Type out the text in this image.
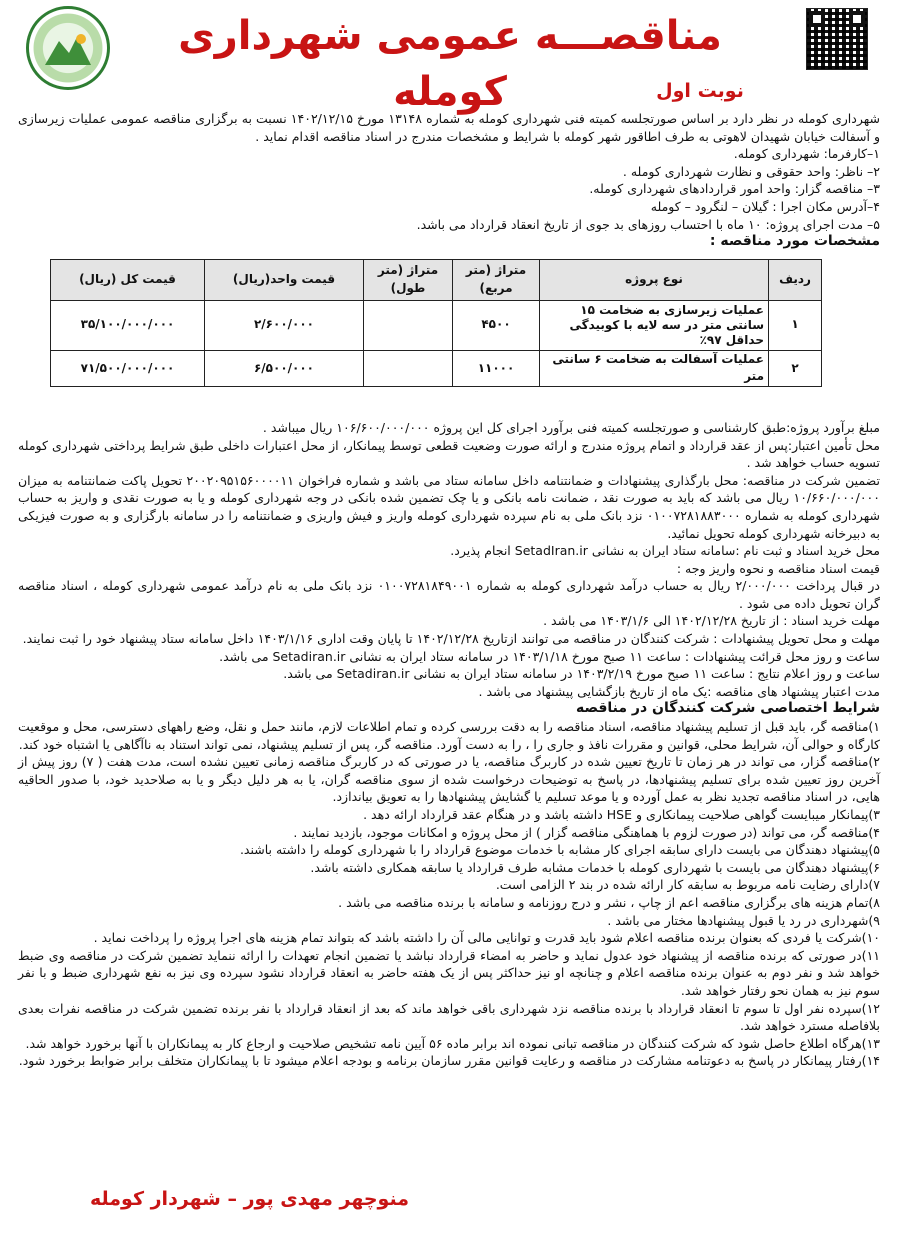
مناقصـــه عمومی شهرداری کومله	نوبت اول

شهرداری کومله در نظر دارد بر اساس صورتجلسه کمیته فنی شهرداری کومله به شماره ۱۳۱۴۸ مورخ ۱۴۰۲/۱۲/۱۵ نسبت به برگزاری مناقصه عمومی عملیات زیرسازی و آسفالت خیابان شهیدان لاهوتی به طرف اطاقور شهر کومله با شرایط و مشخصات مندرج در اسناد مناقصه اقدام نماید .

۱–کارفرما: شهرداری کومله.

۲– ناظر: واحد حقوقی و نظارت شهرداری کومله .

۳– مناقصه گزار: واحد امور قراردادهای شهرداری کومله.

۴–آدرس مکان اجرا : گیلان – لنگرود – کومله

۵– مدت اجرای پروژه: ۱۰ ماه با احتساب روزهای بد جوی از تاریخ انعقاد قرارداد می باشد.

مشخصات مورد مناقصه :

ردیف	نوع پروژه	متراژ (متر مربع)	متراژ (متر طول)	قیمت واحد(ریال)	قیمت کل (ریال)
۱	عملیات زیرسازی به ضخامت ۱۵ سانتی متر در سه لایه با کوبیدگی حداقل ۹۷٪	۴۵۰۰		۲/۶۰۰/۰۰۰	۳۵/۱۰۰/۰۰۰/۰۰۰
۲	عملیات آسفالت به ضخامت ۶ سانتی متر	۱۱۰۰۰		۶/۵۰۰/۰۰۰	۷۱/۵۰۰/۰۰۰/۰۰۰

مبلغ برآورد پروژه:طبق کارشناسی و صورتجلسه کمیته فنی برآورد اجرای کل این پروژه ۱۰۶/۶۰۰/۰۰۰/۰۰۰ ریال میباشد .

محل تأمین اعتبار:پس از عقد قرارداد و اتمام پروژه مندرج و ارائه صورت وضعیت قطعی توسط پیمانکار، از محل اعتبارات داخلی طبق شرایط پرداختی شهرداری کومله تسویه حساب خواهد شد .

تضمین شرکت در مناقصه: محل بارگذاری پیشنهادات و ضمانتنامه داخل سامانه ستاد می باشد و شماره فراخوان ۲۰۰۲۰۹۵۱۵۶۰۰۰۰۱۱ تحویل پاکت ضمانتنامه به میزان ۱۰/۶۶۰/۰۰۰/۰۰۰ ریال می باشد که باید به صورت نقد ، ضمانت نامه بانکی و یا چک تضمین شده بانکی در وجه شهرداری کومله و یا به صورت نقدی و واریز به حساب شهرداری کومله به شماره ۰۱۰۰۷۲۸۱۸۸۳۰۰۰ نزد بانک ملی به نام سپرده شهرداری کومله واریز و فیش واریزی و ضمانتنامه را در سامانه بارگزاری و به صورت فیزیکی به دبیرخانه شهرداری کومله تحویل نمائید.

محل خرید اسناد و ثبت نام :سامانه ستاد ایران به نشانی SetadIran.ir انجام پذیرد.

قیمت اسناد مناقصه و نحوه واریز وجه :

در قبال پرداخت ۲/۰۰۰/۰۰۰ ریال به حساب درآمد شهرداری کومله به شماره ۰۱۰۰۷۲۸۱۸۴۹۰۰۱ نزد بانک ملی به نام درآمد عمومی شهرداری کومله ، اسناد مناقصه گران تحویل داده می شود .

مهلت خرید اسناد : از تاریخ ۱۴۰۲/۱۲/۲۸ الی ۱۴۰۳/۱/۶ می باشد .

مهلت و محل تحویل پیشنهادات : شرکت کنندگان در مناقصه می توانند ازتاریخ ۱۴۰۲/۱۲/۲۸ تا پایان وقت اداری ۱۴۰۳/۱/۱۶ داخل سامانه ستاد پیشنهاد خود را ثبت نمایند.

ساعت و روز محل قرائت پیشنهادات : ساعت ۱۱ صبح مورخ ۱۴۰۳/۱/۱۸ در سامانه ستاد ایران به نشانی Setadiran.ir می باشد.

ساعت و روز اعلام نتایج : ساعت ۱۱ صبح مورخ ۱۴۰۳/۲/۱۹ در سامانه ستاد ایران به نشانی Setadiran.ir می باشد.

مدت اعتبار پیشنهاد های مناقصه :یک ماه از تاریخ بازگشایی پیشنهاد می باشد .

شرایط اختصاصی شرکت کنندگان در مناقصه

۱)مناقصه گر، باید قبل از تسلیم پیشنهاد مناقصه، اسناد مناقصه را به دقت بررسی کرده و تمام اطلاعات لازم، مانند حمل و نقل، وضع راههای دسترسی، محل و موقعیت کارگاه و حوالی آن، شرایط محلی، قوانین و مقررات نافذ و جاری را ، را به دست آورد. مناقصه گر، پس از تسلیم پیشنهاد، نمی تواند استناد به ناآگاهی یا اشتباه خود کند.

۲)مناقصه گزار، می تواند در هر زمان تا تاریخ تعیین شده در کاربرگ مناقصه، یا در صورتی که در کاربرگ مناقصه زمانی تعیین نشده است، مدت هفت ( ۷) روز پیش از آخرین روز تعیین شده برای تسلیم پیشنهادها، در پاسخ به توضیحات درخواست شده از سوی مناقصه گران، یا به هر دلیل دیگر و یا به صلاحدید خود، با صدور الحاقیه هایی، در اسناد مناقصه تجدید نظر به عمل آورده و یا موعد تسلیم یا گشایش پیشنهادها را به تعویق بیاندازد.

۳)پیمانکار میبایست گواهی صلاحیت پیمانکاری و HSE داشته باشد و در هنگام عقد قرارداد ارائه دهد .

۴)مناقصه گر، می تواند (در صورت لزوم با هماهنگی مناقصه گزار ) از محل پروژه و امکانات موجود، بازدید نمایند .

۵)پیشنهاد دهندگان می بایست دارای سابقه اجرای کار مشابه با خدمات موضوع قرارداد را با شهرداری کومله را داشته باشند.

۶)پیشنهاد دهندگان می بایست با شهرداری کومله با خدمات مشابه طرف قرارداد یا سابقه همکاری داشته باشد.

۷)دارای رضایت نامه مربوط به سابقه کار ارائه شده در بند ۲ الزامی است.

۸)تمام هزینه های برگزاری مناقصه اعم از چاپ ، نشر و درج روزنامه و سامانه با برنده مناقصه می باشد .

۹)شهرداری در رد یا قبول پیشنهادها مختار می باشد .

۱۰)شرکت یا فردی که بعنوان برنده مناقصه اعلام شود باید قدرت و توانایی مالی آن را داشته باشد که بتواند تمام هزینه های اجرا پروژه را پرداخت نماید .

۱۱)در صورتی که برنده مناقصه از پیشنهاد خود عدول نماید و حاضر به امضاء قرارداد نباشد یا تضمین انجام تعهدات را ارائه ننماید تضمین شرکت در مناقصه وی ضبط خواهد شد و نفر دوم به عنوان برنده مناقصه اعلام و چنانچه او نیز حداکثر پس از یک هفته حاضر به انعقاد قرارداد نشود سپرده وی نیز به نفع شهرداری ضبط و با نفر سوم نیز به همان نحو رفتار خواهد شد.

۱۲)سپرده نفر اول تا سوم تا انعقاد قرارداد با برنده مناقصه نزد شهرداری باقی خواهد ماند که بعد از انعقاد قرارداد با نفر برنده تضمین شرکت در مناقصه نفرات بعدی بلافاصله مسترد خواهد شد.

۱۳)هرگاه اطلاع حاصل شود که شرکت کنندگان در مناقصه تبانی نموده اند برابر ماده ۵۶ آیین نامه تشخیص صلاحیت و ارجاع کار به پیمانکاران با آنها برخورد خواهد شد.

۱۴)رفتار پیمانکار در پاسخ به دعوتنامه مشارکت در مناقصه و رعایت قوانین مقرر سازمان برنامه و بودجه اعلام میشود تا با پیمانکاران متخلف برابر ضوابط برخورد شود.

منوچهر مهدی پور – شهردار کومله
